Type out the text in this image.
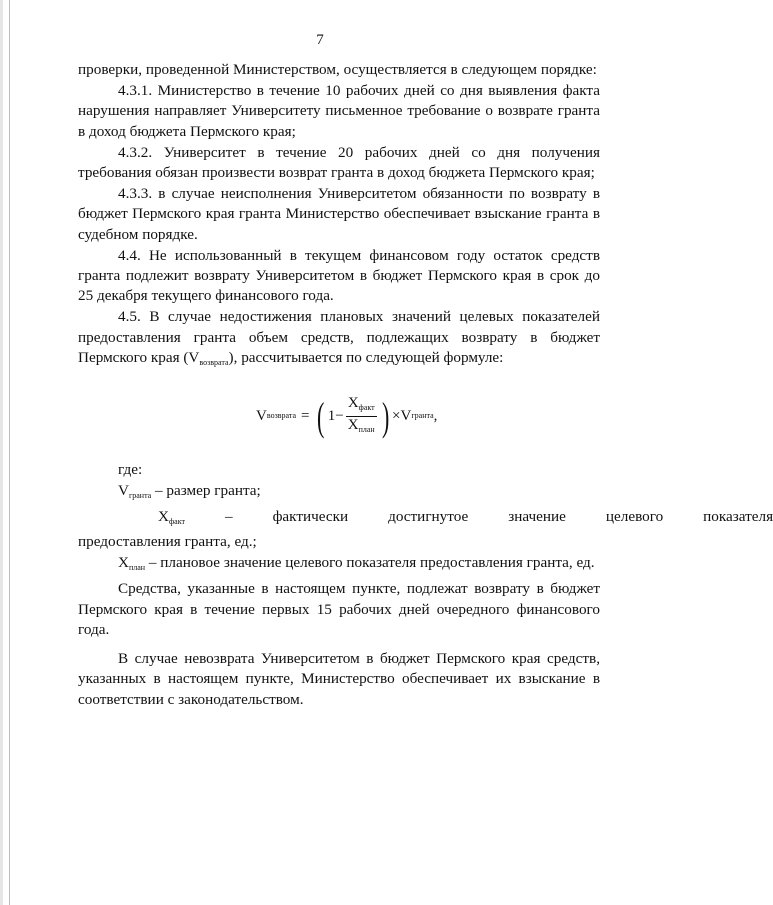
7

проверки, проведенной Министерством, осуществляется в следующем порядке:

4.3.1. Министерство в течение 10 рабочих дней со дня выявления факта нарушения направляет Университету письменное требование о возврате гранта в доход бюджета Пермского края;

4.3.2. Университет в течение 20 рабочих дней со дня получения требования обязан произвести возврат гранта в доход бюджета Пермского края;

4.3.3. в случае неисполнения Университетом обязанности по возврату в бюджет Пермского края гранта Министерство обеспечивает взыскание гранта в судебном порядке.

4.4. Не использованный в текущем финансовом году остаток средств гранта подлежит возврату Университетом в бюджет Пермского края в срок до 25 декабря текущего финансового года.

4.5. В случае недостижения плановых значений целевых показателей предоставления гранта объем средств, подлежащих возврату в бюджет Пермского края $(V_{возврата})$, рассчитывается по следующей формуле:

V возврата = ( $1- \frac{X_{факт}}{X_{план}}$ ) × V гранта ,

где:

$V_{гранта}$ – размер гранта;

$X_{факт}$	–	фактически	достигнутое	значение	целевого	показателя

предоставления гранта, ед.;

$X_{план}$ – плановое значение целевого показателя предоставления гранта, ед.

Средства, указанные в настоящем пункте, подлежат возврату в бюджет Пермского края в течение первых 15 рабочих дней очередного финансового года.

В случае невозврата Университетом в бюджет Пермского края средств, указанных в настоящем пункте, Министерство обеспечивает их взыскание в соответствии с законодательством.
